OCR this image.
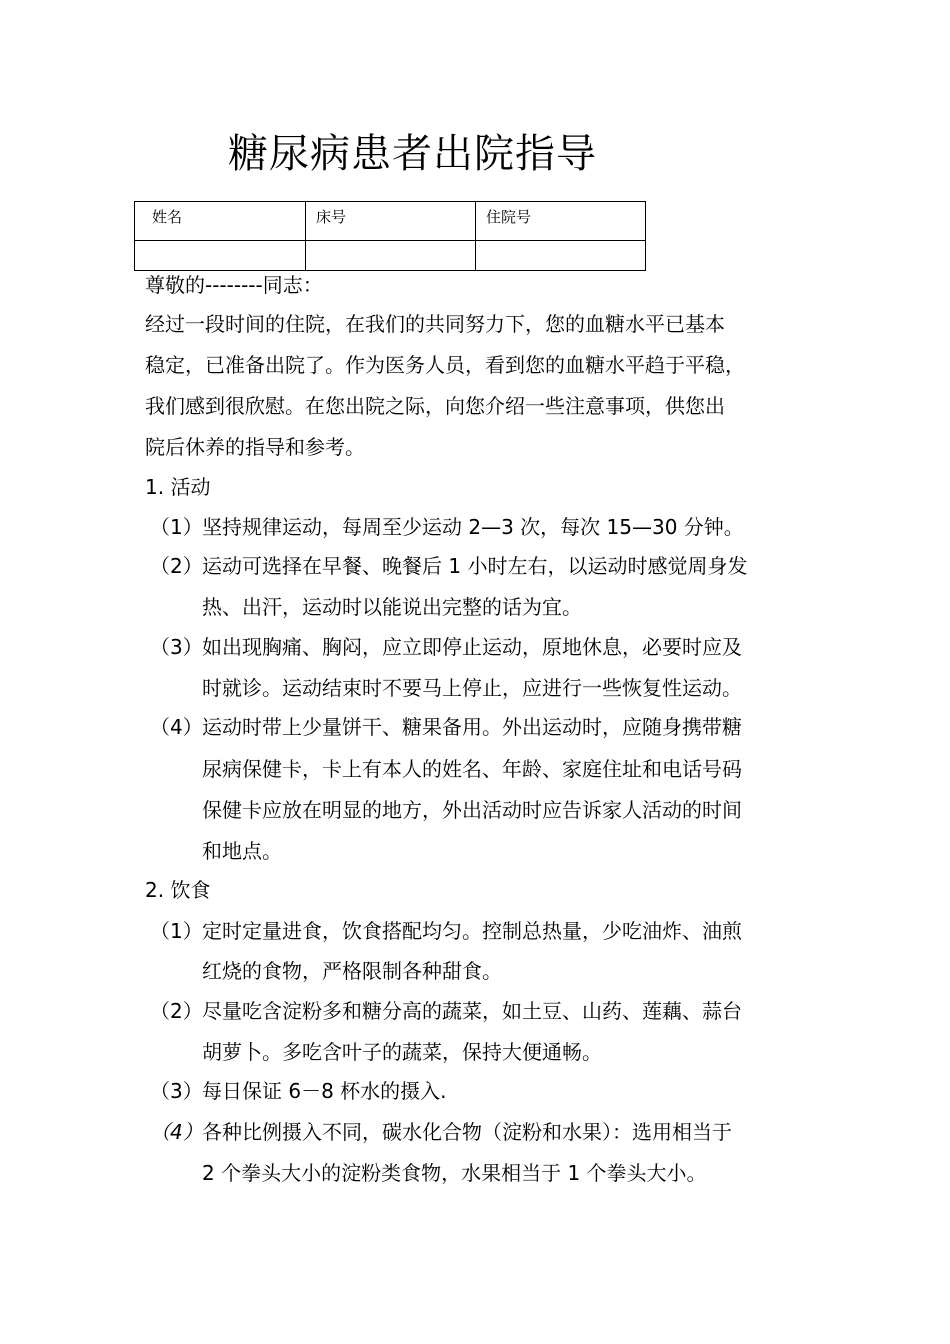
糖尿病患者出院指导
姓名	床号	住院号

尊敬的--------同志：
经过一段时间的住院，在我们的共同努力下，您的血糖水平已基本
稳定，已准备出院了。作为医务人员，看到您的血糖水平趋于平稳，
我们感到很欣慰。在您出院之际，向您介绍一些注意事项，供您出
院后休养的指导和参考。
1. 活动
（1）坚持规律运动，每周至少运动 2—3 次，每次 15—30 分钟。
（2）运动可选择在早餐、晚餐后 1 小时左右，以运动时感觉周身发
热、出汗，运动时以能说出完整的话为宜。
（3）如出现胸痛、胸闷，应立即停止运动，原地休息，必要时应及
时就诊。运动结束时不要马上停止，应进行一些恢复性运动。
（4）运动时带上少量饼干、糖果备用。外出运动时，应随身携带糖
尿病保健卡，卡上有本人的姓名、年龄、家庭住址和电话号码
保健卡应放在明显的地方，外出活动时应告诉家人活动的时间
和地点。
2. 饮食
（1）定时定量进食，饮食搭配均匀。控制总热量，少吃油炸、油煎
红烧的食物，严格限制各种甜食。
（2）尽量吃含淀粉多和糖分高的蔬菜，如土豆、山药、莲藕、蒜台
胡萝卜。多吃含叶子的蔬菜，保持大便通畅。
（3）每日保证 6－8 杯水的摄入.
（4）各种比例摄入不同，碳水化合物（淀粉和水果）：选用相当于
2 个拳头大小的淀粉类食物，水果相当于 1 个拳头大小。
